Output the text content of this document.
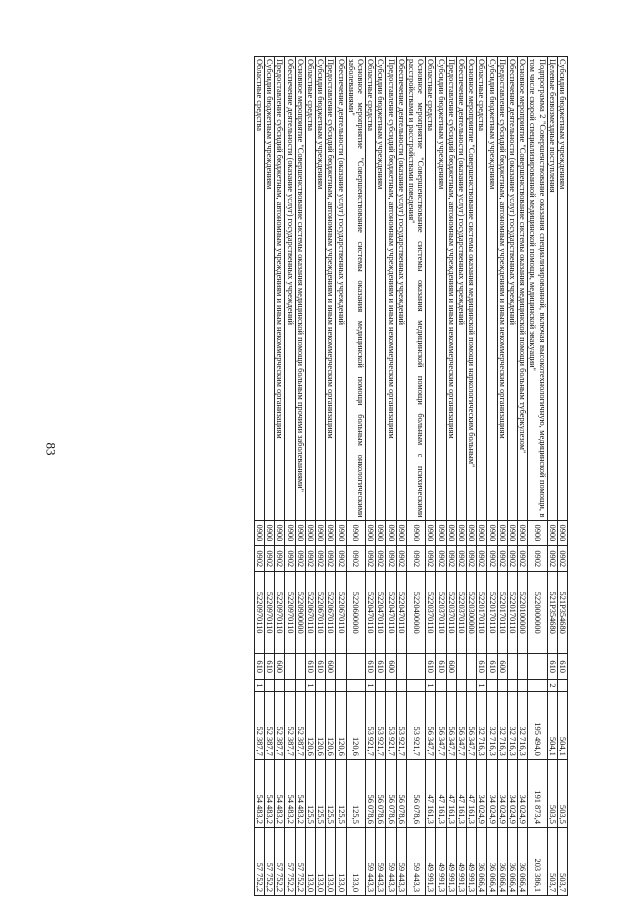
83
Субсидии бюджетным учреждениям	0900	0902	521Р354680	610		504,1	503,5	503,7
Целевые безвозмездные поступления	0900	0902	521Р354680	610	2	504,1	503,5	503,7
Подпрограмма 2 "Совершенствование оказания специализированной, включая высокотехнологичную, медицинской помощи, в том числе скорой специализированной медицинской помощи, медицинской эвакуации"	0900	0902	5220000000			195 494,0	191 873,4	203 386,1
Основное мероприятие "Совершенствование системы оказания медицинской помощи больным туберкулезом"	0900	0902	5220100000			32 716,3	34 024,9	36 066,4
Обеспечение деятельности (оказание услуг) государственных учреждений	0900	0902	5220170110			32 716,3	34 024,9	36 066,4
Предоставление субсидий бюджетным, автономным учреждениям и иным некоммерческим организациям	0900	0902	5220170110	600		32 716,3	34 024,9	36 066,4
Субсидии бюджетным учреждениям	0900	0902	5220170110	610		32 716,3	34 024,9	36 066,4
Областные средства	0900	0902	5220170110	610	1	32 716,3	34 024,9	36 066,4
Основное мероприятие "Совершенствование системы оказания медицинской помощи наркологическим больным"	0900	0902	5220300000			56 347,7	47 161,3	49 991,3
Обеспечение деятельности (оказание услуг) государственных учреждений	0900	0902	5220370110			56 347,7	47 161,3	49 991,3
Предоставление субсидий бюджетным, автономным учреждениям и иным некоммерческим организациям	0900	0902	5220370110	600		56 347,7	47 161,3	49 991,3
Субсидии бюджетным учреждениям	0900	0902	5220370110	610		56 347,7	47 161,3	49 991,3
Областные средства	0900	0902	5220370110	610	1	56 347,7	47 161,3	49 991,3
Основное мероприятие "Совершенствование системы оказания медицинской помощи больным с психическими расстройствами и расстройствами поведения"	0900	0902	5220400000			53 921,7	56 078,6	59 443,3
Обеспечение деятельности (оказание услуг) государственных учреждений	0900	0902	5220470110			53 921,7	56 078,6	59 443,3
Предоставление субсидий бюджетным, автономным учреждениям и иным некоммерческим организациям	0900	0902	5220470110	600		53 921,7	56 078,6	59 443,3
Субсидии бюджетным учреждениям	0900	0902	5220470110	610		53 921,7	56 078,6	59 443,3
Областные средства	0900	0902	5220470110	610	1	53 921,7	56 078,6	59 443,3
Основное мероприятие "Совершенствование системы оказания медицинской помощи больным онкологическими заболеваниями"	0900	0902	5220600000			120,6	125,5	133,0
Обеспечение деятельности (оказание услуг) государственных учреждений	0900	0902	5220670110			120,6	125,5	133,0
Предоставление субсидий бюджетным, автономным учреждениям и иным некоммерческим организациям	0900	0902	5220670110	600		120,6	125,5	133,0
Субсидии бюджетным учреждениям	0900	0902	5220670110	610		120,6	125,5	133,0
Областные средства	0900	0902	5220670110	610	1	120,6	125,5	133,0
Основное мероприятие "Совершенствование системы оказания медицинской помощи больным прочими заболеваниями"	0900	0902	5220900000			52 387,7	54 483,2	57 752,2
Обеспечение деятельности (оказание услуг) государственных учреждений	0900	0902	5220970110			52 387,7	54 483,2	57 752,2
Предоставление субсидий бюджетным, автономным учреждениям и иным некоммерческим организациям	0900	0902	5220970110	600		52 387,7	54 483,2	57 752,2
Субсидии бюджетным учреждениям	0900	0902	5220970110	610		52 387,7	54 483,2	57 752,2
Областные средства	0900	0902	5220970110	610	1	52 387,7	54 483,2	57 752,2
